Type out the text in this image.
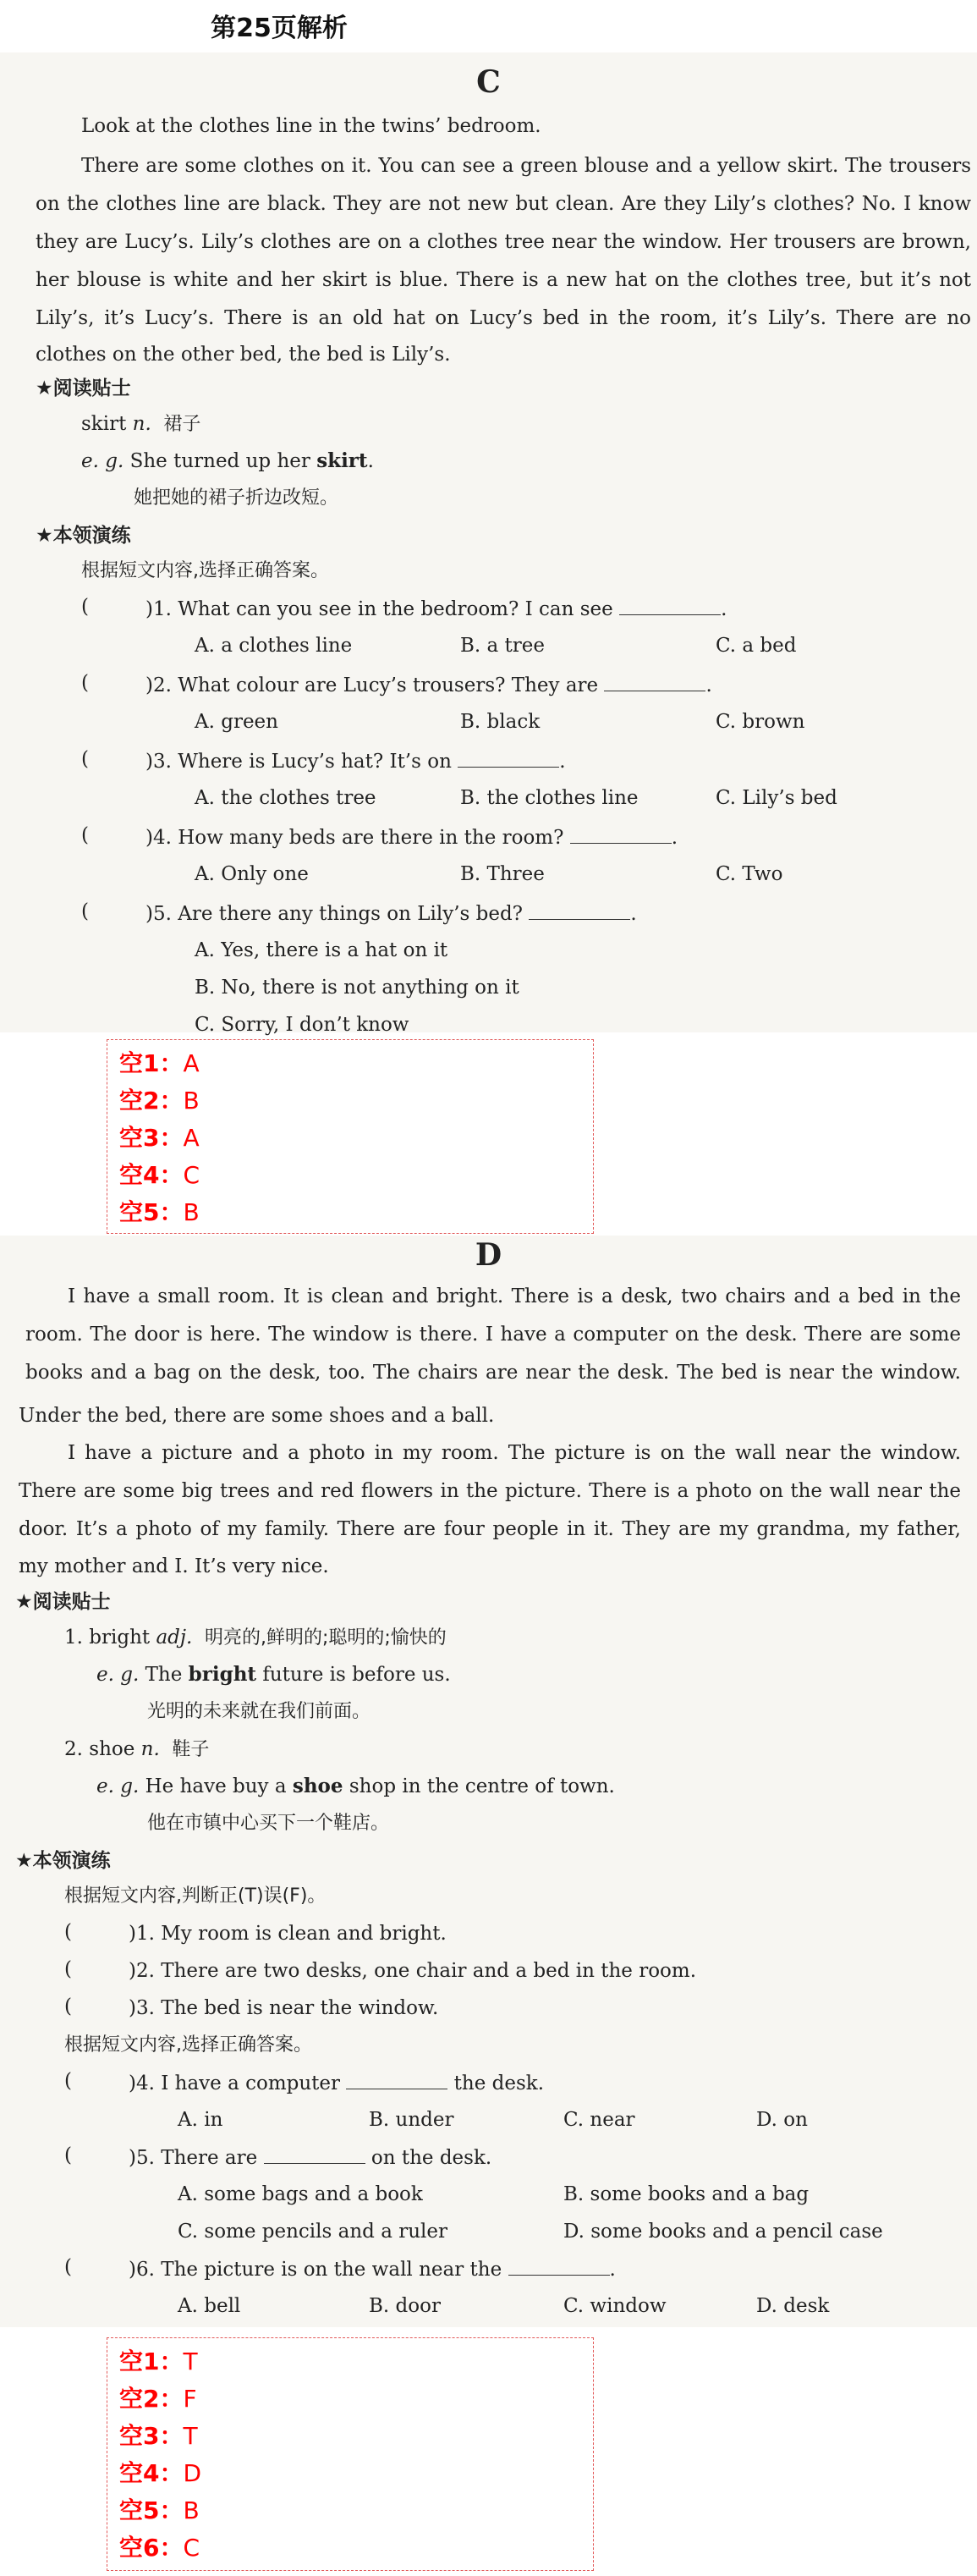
第25页解析
C
Look at the clothes line in the twins’ bedroom.
There are some clothes on it. You can see a green blouse and a yellow skirt. The trousers
on the clothes line are black. They are not new but clean. Are they Lily’s clothes? No. I know
they are Lucy’s. Lily’s clothes are on a clothes tree near the window. Her trousers are brown,
her blouse is white and her skirt is blue. There is a new hat on the clothes tree, but it’s not
Lily’s, it’s Lucy’s. There is an old hat on Lucy’s bed in the room, it’s Lily’s. There are no
clothes on the other bed, the bed is Lily’s.
★阅读贴士
skirt n. 裙子
e. g. She turned up her skirt.
她把她的裙子折边改短。
★本领演练
根据短文内容,选择正确答案。
(	)1. What can you see in the bedroom? I can see	.
A. a clothes line	B. a tree	C. a bed
(	)2. What colour are Lucy’s trousers? They are	.
A. green	B. black	C. brown
(	)3. Where is Lucy’s hat? It’s on	.
A. the clothes tree	B. the clothes line	C. Lily’s bed
(	)4. How many beds are there in the room?	.
A. Only one	B. Three	C. Two
(	)5. Are there any things on Lily’s bed?	.
A. Yes, there is a hat on it
B. No, there is not anything on it
C. Sorry, I don’t know
空1：A
空2：B
空3：A
空4：C
空5：B
D
I have a small room. It is clean and bright. There is a desk, two chairs and a bed in the
room. The door is here. The window is there. I have a computer on the desk. There are some
books and a bag on the desk, too. The chairs are near the desk. The bed is near the window.
Under the bed, there are some shoes and a ball.
I have a picture and a photo in my room. The picture is on the wall near the window.
There are some big trees and red flowers in the picture. There is a photo on the wall near the
door. It’s a photo of my family. There are four people in it. They are my grandma, my father,
my mother and I. It’s very nice.
★阅读贴士
1. bright adj. 明亮的,鲜明的;聪明的;愉快的
e. g. The bright future is before us.
光明的未来就在我们前面。
2. shoe n. 鞋子
e. g. He have buy a shoe shop in the centre of town.
他在市镇中心买下一个鞋店。
★本领演练
根据短文内容,判断正(T)误(F)。
(	)1. My room is clean and bright.
(	)2. There are two desks, one chair and a bed in the room.
(	)3. The bed is near the window.
根据短文内容,选择正确答案。
(	)4. I have a computer	the desk.
A. in	B. under	C. near	D. on
(	)5. There are	on the desk.
A. some bags and a book	B. some books and a bag
C. some pencils and a ruler	D. some books and a pencil case
(	)6. The picture is on the wall near the	.
A. bell	B. door	C. window	D. desk
空1：T
空2：F
空3：T
空4：D
空5：B
空6：C
